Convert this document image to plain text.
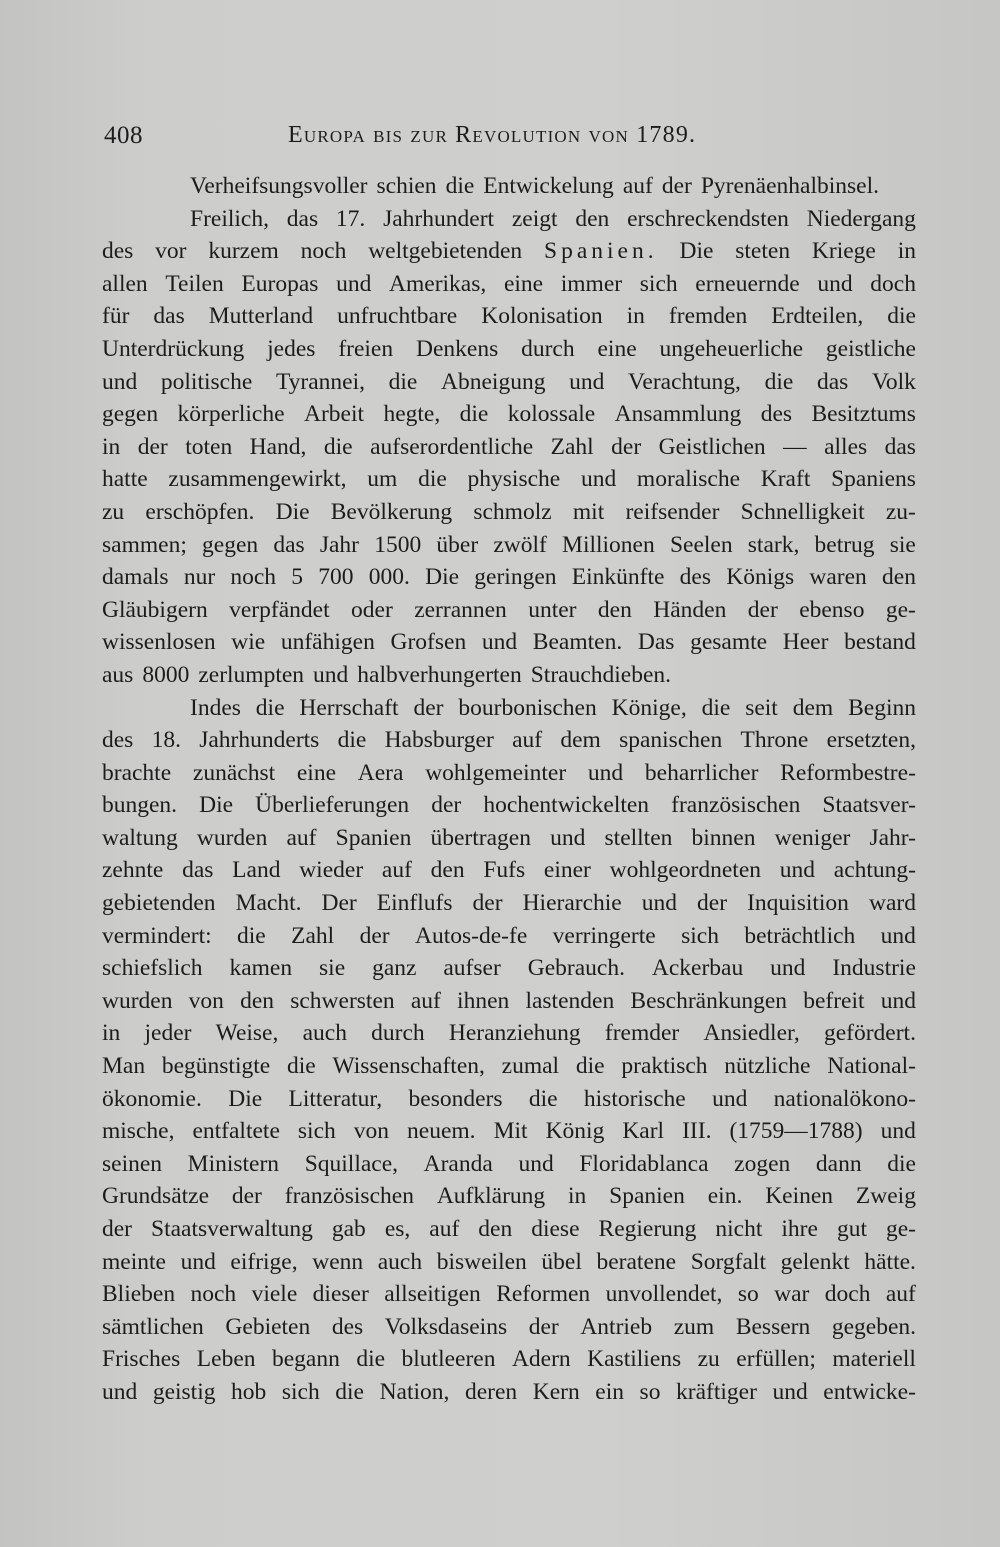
408	Europa bis zur Revolution von 1789.
Verheifsungsvoller schien die Entwickelung auf der Pyrenäenhalbinsel.
Freilich, das 17. Jahrhundert zeigt den erschreckendsten Niedergang
des vor kurzem noch weltgebietenden Spanien. Die steten Kriege in
allen Teilen Europas und Amerikas, eine immer sich erneuernde und doch
für das Mutterland unfruchtbare Kolonisation in fremden Erdteilen, die
Unterdrückung jedes freien Denkens durch eine ungeheuerliche geistliche
und politische Tyrannei, die Abneigung und Verachtung, die das Volk
gegen körperliche Arbeit hegte, die kolossale Ansammlung des Besitztums
in der toten Hand, die aufserordentliche Zahl der Geistlichen — alles das
hatte zusammengewirkt, um die physische und moralische Kraft Spaniens
zu erschöpfen. Die Bevölkerung schmolz mit reifsender Schnelligkeit zu-
sammen; gegen das Jahr 1500 über zwölf Millionen Seelen stark, betrug sie
damals nur noch 5 700 000. Die geringen Einkünfte des Königs waren den
Gläubigern verpfändet oder zerrannen unter den Händen der ebenso ge-
wissenlosen wie unfähigen Grofsen und Beamten. Das gesamte Heer bestand
aus 8000 zerlumpten und halbverhungerten Strauchdieben.
Indes die Herrschaft der bourbonischen Könige, die seit dem Beginn
des 18. Jahrhunderts die Habsburger auf dem spanischen Throne ersetzten,
brachte zunächst eine Aera wohlgemeinter und beharrlicher Reformbestre-
bungen. Die Überlieferungen der hochentwickelten französischen Staatsver-
waltung wurden auf Spanien übertragen und stellten binnen weniger Jahr-
zehnte das Land wieder auf den Fufs einer wohlgeordneten und achtung-
gebietenden Macht. Der Einflufs der Hierarchie und der Inquisition ward
vermindert: die Zahl der Autos-de-fe verringerte sich beträchtlich und
schiefslich kamen sie ganz aufser Gebrauch. Ackerbau und Industrie
wurden von den schwersten auf ihnen lastenden Beschränkungen befreit und
in jeder Weise, auch durch Heranziehung fremder Ansiedler, gefördert.
Man begünstigte die Wissenschaften, zumal die praktisch nützliche National-
ökonomie. Die Litteratur, besonders die historische und nationalökono-
mische, entfaltete sich von neuem. Mit König Karl III. (1759—1788) und
seinen Ministern Squillace, Aranda und Floridablanca zogen dann die
Grundsätze der französischen Aufklärung in Spanien ein. Keinen Zweig
der Staatsverwaltung gab es, auf den diese Regierung nicht ihre gut ge-
meinte und eifrige, wenn auch bisweilen übel beratene Sorgfalt gelenkt hätte.
Blieben noch viele dieser allseitigen Reformen unvollendet, so war doch auf
sämtlichen Gebieten des Volksdaseins der Antrieb zum Bessern gegeben.
Frisches Leben begann die blutleeren Adern Kastiliens zu erfüllen; materiell
und geistig hob sich die Nation, deren Kern ein so kräftiger und entwicke-
